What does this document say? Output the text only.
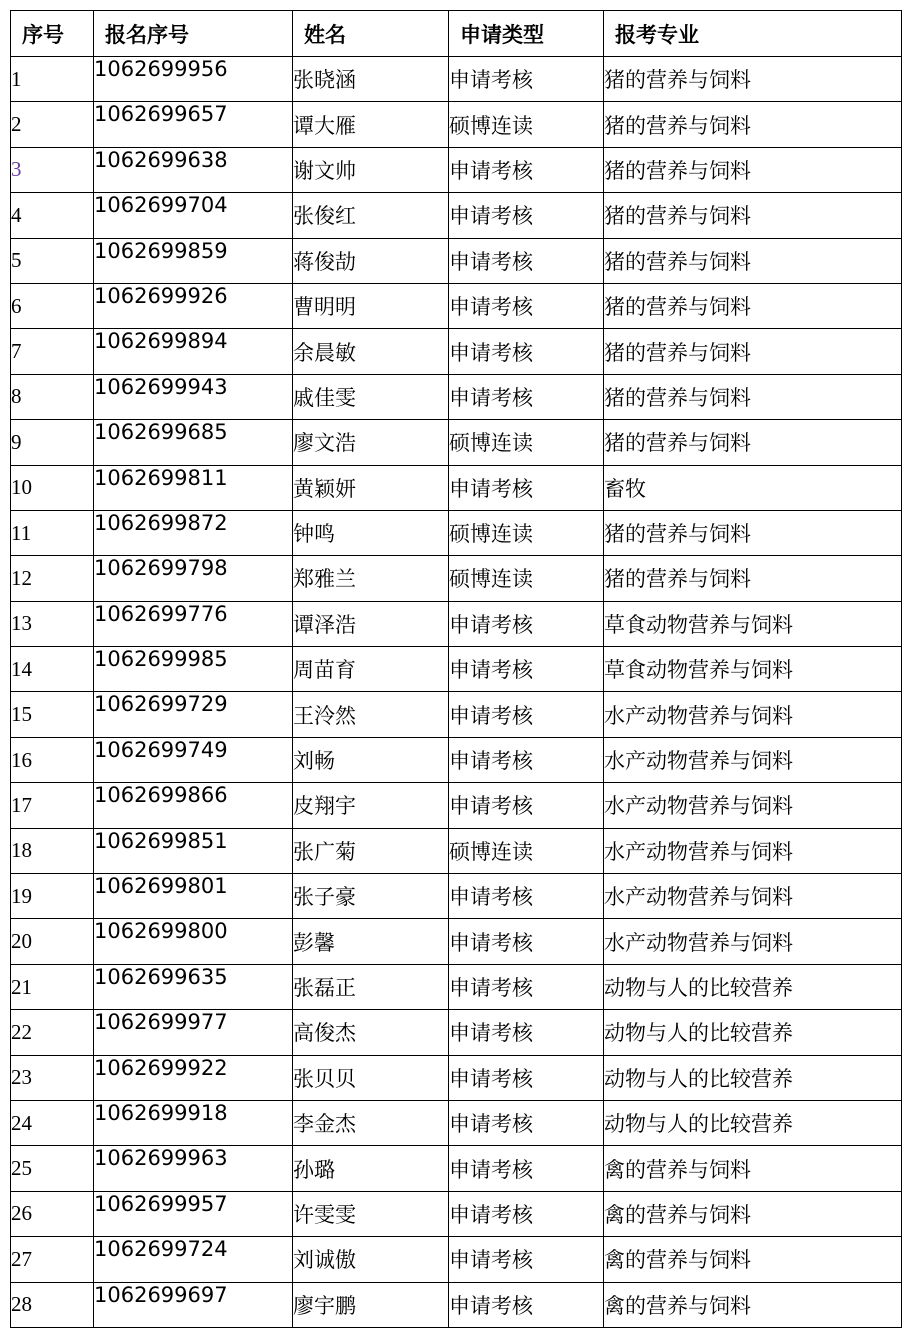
序号	报名序号	姓名	申请类型	报考专业
1	1062699956	张晓涵	申请考核	猪的营养与饲料
2	1062699657	谭大雁	硕博连读	猪的营养与饲料
3	1062699638	谢文帅	申请考核	猪的营养与饲料
4	1062699704	张俊红	申请考核	猪的营养与饲料
5	1062699859	蒋俊劼	申请考核	猪的营养与饲料
6	1062699926	曹明明	申请考核	猪的营养与饲料
7	1062699894	余晨敏	申请考核	猪的营养与饲料
8	1062699943	戚佳雯	申请考核	猪的营养与饲料
9	1062699685	廖文浩	硕博连读	猪的营养与饲料
10	1062699811	黄颖妍	申请考核	畜牧
11	1062699872	钟鸣	硕博连读	猪的营养与饲料
12	1062699798	郑雅兰	硕博连读	猪的营养与饲料
13	1062699776	谭泽浩	申请考核	草食动物营养与饲料
14	1062699985	周苗育	申请考核	草食动物营养与饲料
15	1062699729	王泠然	申请考核	水产动物营养与饲料
16	1062699749	刘畅	申请考核	水产动物营养与饲料
17	1062699866	皮翔宇	申请考核	水产动物营养与饲料
18	1062699851	张广菊	硕博连读	水产动物营养与饲料
19	1062699801	张子豪	申请考核	水产动物营养与饲料
20	1062699800	彭馨	申请考核	水产动物营养与饲料
21	1062699635	张磊正	申请考核	动物与人的比较营养
22	1062699977	高俊杰	申请考核	动物与人的比较营养
23	1062699922	张贝贝	申请考核	动物与人的比较营养
24	1062699918	李金杰	申请考核	动物与人的比较营养
25	1062699963	孙璐	申请考核	禽的营养与饲料
26	1062699957	许雯雯	申请考核	禽的营养与饲料
27	1062699724	刘诚傲	申请考核	禽的营养与饲料
28	1062699697	廖宇鹏	申请考核	禽的营养与饲料
